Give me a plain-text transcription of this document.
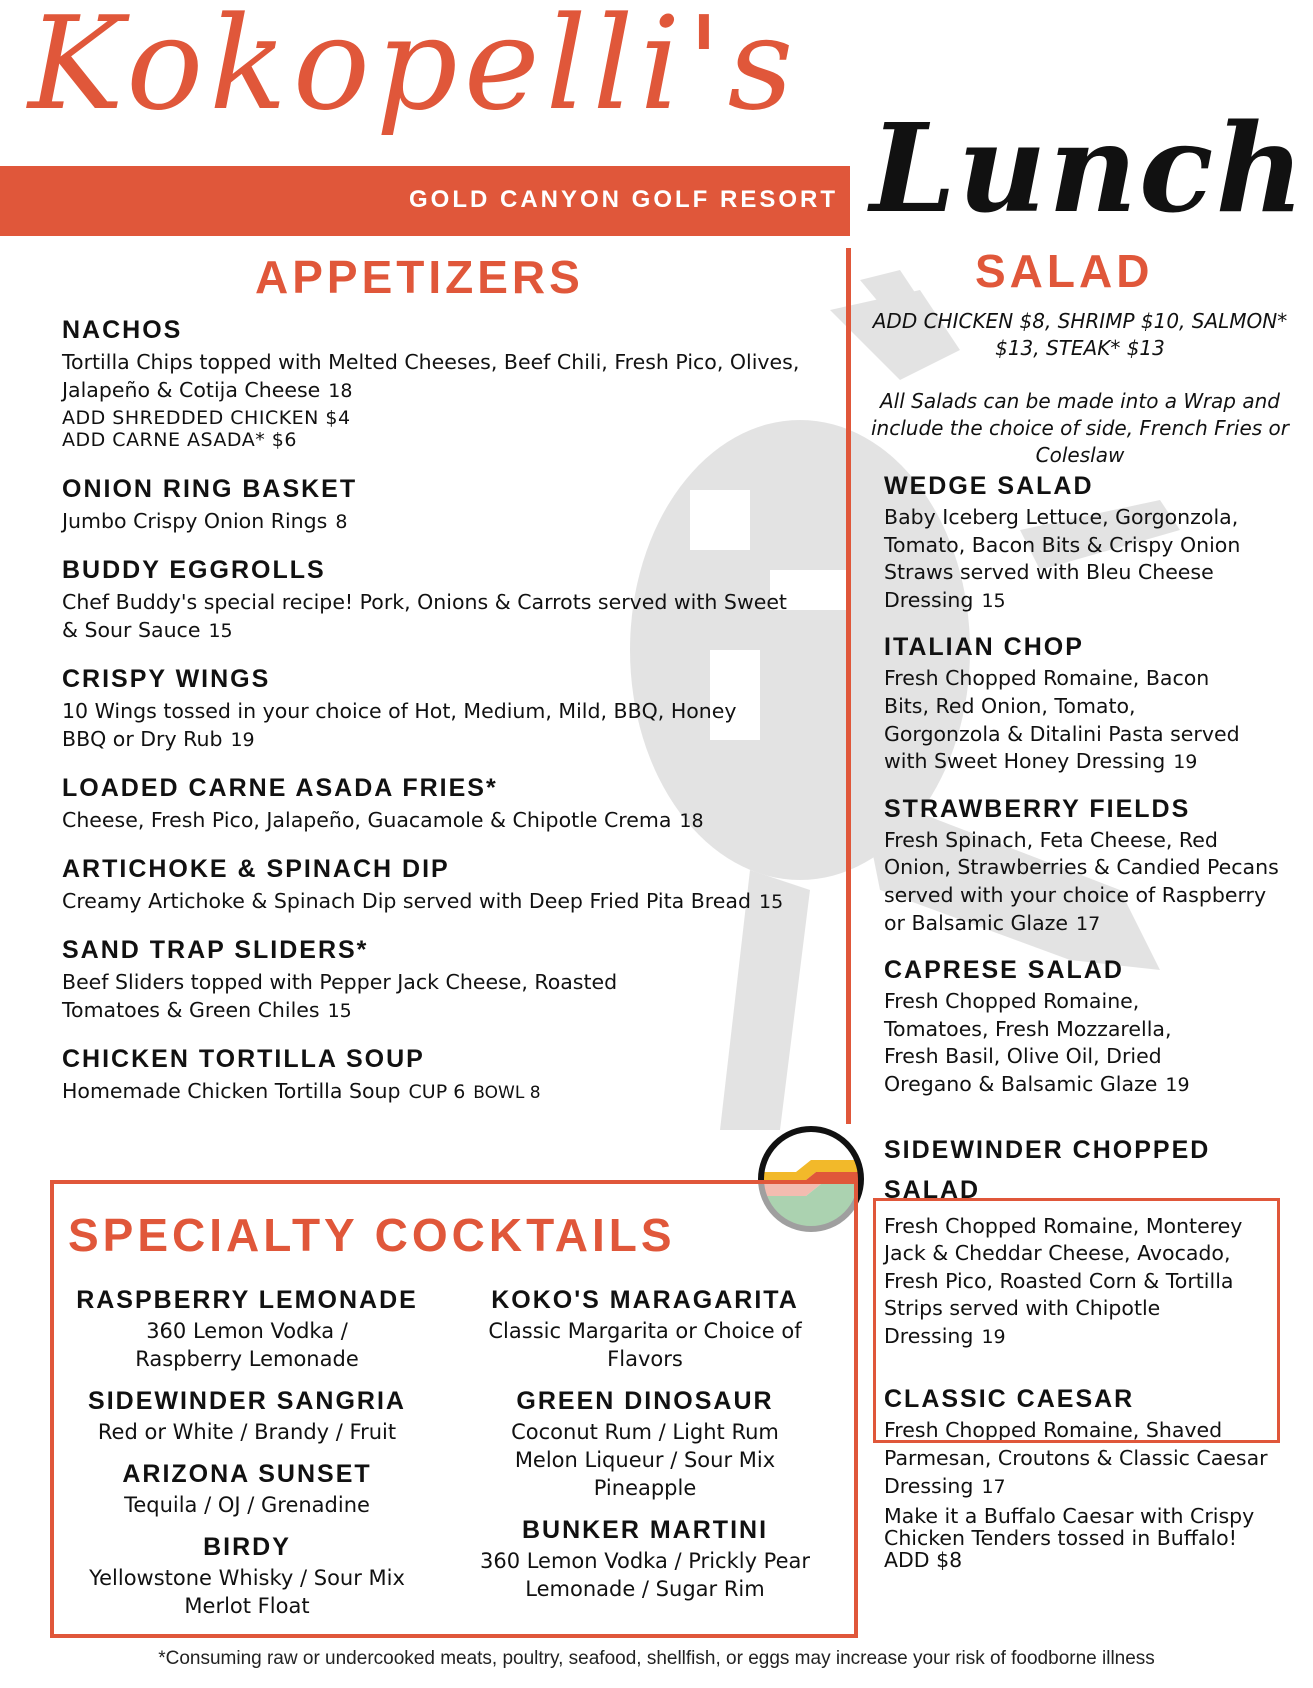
Kokopelli's
GOLD CANYON GOLF RESORT Lunch
APPETIZERS

NACHOS

Tortilla Chips topped with Melted Cheeses, Beef Chili, Fresh Pico, Olives, Jalapeño & Cotija Cheese 18

ADD SHREDDED CHICKEN $4

ADD CARNE ASADA* $6

ONION RING BASKET

Jumbo Crispy Onion Rings 8

BUDDY EGGROLLS

Chef Buddy's special recipe! Pork, Onions & Carrots served with Sweet & Sour Sauce 15

CRISPY WINGS

10 Wings tossed in your choice of Hot, Medium, Mild, BBQ, Honey BBQ or Dry Rub 19

LOADED CARNE ASADA FRIES*

Cheese, Fresh Pico, Jalapeño, Guacamole & Chipotle Crema 18

ARTICHOKE & SPINACH DIP

Creamy Artichoke & Spinach Dip served with Deep Fried Pita Bread 15

SAND TRAP SLIDERS*

Beef Sliders topped with Pepper Jack Cheese, Roasted Tomatoes & Green Chiles 15

CHICKEN TORTILLA SOUP

Homemade Chicken Tortilla Soup CUP 6 BOWL 8

SALAD
ADD CHICKEN $8, SHRIMP $10, SALMON* $13, STEAK* $13
All Salads can be made into a Wrap and include the choice of side, French Fries or Coleslaw

WEDGE SALAD

Baby Iceberg Lettuce, Gorgonzola, Tomato, Bacon Bits & Crispy Onion Straws served with Bleu Cheese Dressing 15

ITALIAN CHOP

Fresh Chopped Romaine, Bacon Bits, Red Onion, Tomato, Gorgonzola & Ditalini Pasta served with Sweet Honey Dressing 19

STRAWBERRY FIELDS

Fresh Spinach, Feta Cheese, Red Onion, Strawberries & Candied Pecans served with your choice of Raspberry or Balsamic Glaze 17

CAPRESE SALAD

Fresh Chopped Romaine, Tomatoes, Fresh Mozzarella, Fresh Basil, Olive Oil, Dried Oregano & Balsamic Glaze 19

SIDEWINDER CHOPPED SALAD

Fresh Chopped Romaine, Monterey Jack & Cheddar Cheese, Avocado, Fresh Pico, Roasted Corn & Tortilla Strips served with Chipotle Dressing 19

CLASSIC CAESAR

Fresh Chopped Romaine, Shaved Parmesan, Croutons & Classic Caesar Dressing 17

Make it a Buffalo Caesar with Crispy Chicken Tenders tossed in Buffalo! ADD $8

SPECIALTY COCKTAILS

RASPBERRY LEMONADE

360 Lemon Vodka / Raspberry Lemonade

SIDEWINDER SANGRIA

Red or White / Brandy / Fruit

ARIZONA SUNSET

Tequila / OJ / Grenadine

BIRDY

Yellowstone Whisky / Sour Mix Merlot Float

KOKO'S MARAGARITA

Classic Margarita or Choice of Flavors

GREEN DINOSAUR

Coconut Rum / Light Rum Melon Liqueur / Sour Mix Pineapple

BUNKER MARTINI

360 Lemon Vodka / Prickly Pear Lemonade / Sugar Rim

*Consuming raw or undercooked meats, poultry, seafood, shellfish, or eggs may increase your risk of foodborne illness
